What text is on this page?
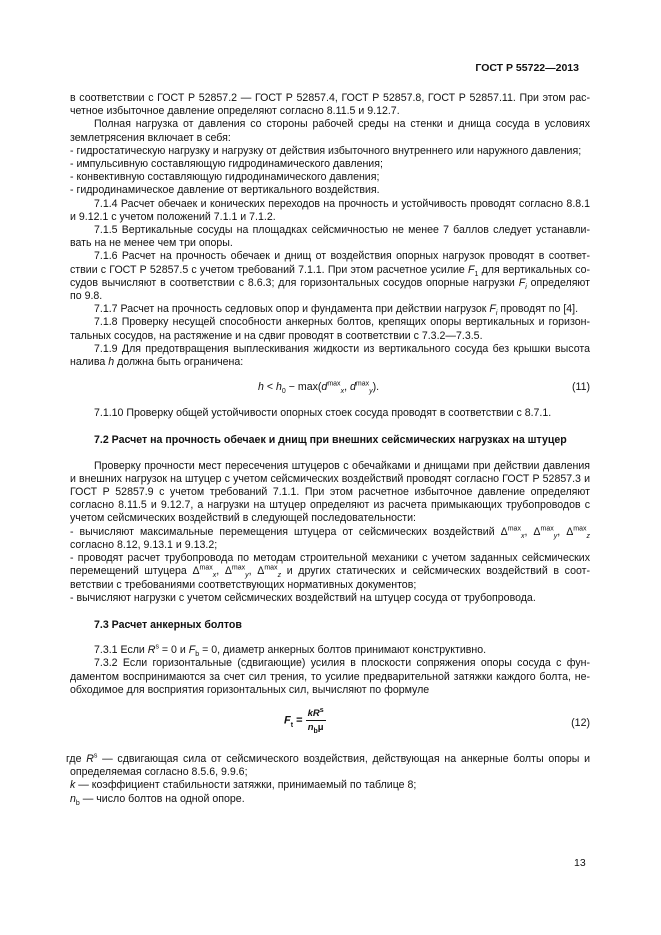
ГОСТ Р 55722—2013

в соответствии с ГОСТ Р 52857.2 — ГОСТ Р 52857.4, ГОСТ Р 52857.8, ГОСТ Р 52857.11. При этом расчетное избыточное давление определяют согласно 8.11.5 и 9.12.7.

Полная нагрузка от давления со стороны рабочей среды на стенки и днища сосуда в условиях землетрясения включает в себя:

- гидростатическую нагрузку и нагрузку от действия избыточного внутреннего или наружного давления;

- импульсивную составляющую гидродинамического давления;

- конвективную составляющую гидродинамического давления;

- гидродинамическое давление от вертикального воздействия.

7.1.4 Расчет обечаек и конических переходов на прочность и устойчивость проводят согласно 8.8.1 и 9.12.1 с учетом положений 7.1.1 и 7.1.2.

7.1.5 Вертикальные сосуды на площадках сейсмичностью не менее 7 баллов следует устанавливать на не менее чем три опоры.

7.1.6 Расчет на прочность обечаек и днищ от воздействия опорных нагрузок проводят в соответствии с ГОСТ Р 52857.5 с учетом требований 7.1.1. При этом расчетное усилие $F_1$ для вертикальных сосудов вычисляют в соответствии с 8.6.3; для горизонтальных сосудов опорные нагрузки $F_i$ определяют по 9.8.

7.1.7 Расчет на прочность седловых опор и фундамента при действии нагрузок $F_i$ проводят по [4].

7.1.8 Проверку несущей способности анкерных болтов, крепящих опоры вертикальных и горизонтальных сосудов, на растяжение и на сдвиг проводят в соответствии с 7.3.2—7.3.5.

7.1.9 Для предотвращения выплескивания жидкости из вертикального сосуда без крышки высота налива h должна быть ограничена:

$h < h_0 - \max(d^{max}_x$, $d^{max}_y$).	(11)

7.1.10 Проверку общей устойчивости опорных стоек сосуда проводят в соответствии с 8.7.1.

7.2 Расчет на прочность обечаек и днищ при внешних сейсмических нагрузках на штуцер

Проверку прочности мест пересечения штуцеров с обечайками и днищами при действии давления и внешних нагрузок на штуцер с учетом сейсмических воздействий проводят согласно ГОСТ Р 52857.3 и ГОСТ Р 52857.9 с учетом требований 7.1.1. При этом расчетное избыточное давление определяют согласно 8.11.5 и 9.12.7, а нагрузки на штуцер определяют из расчета примыкающих трубопроводов с учетом сейсмических воздействий в следующей последовательности:

- вычисляют максимальные перемещения штуцера от сейсмических воздействий $\Delta^{max}_x$, $\Delta^{max}_y$, $\Delta^{max}_z$ согласно 8.12, 9.13.1 и 9.13.2;

- проводят расчет трубопровода по методам строительной механики с учетом заданных сейсмических перемещений штуцера $\Delta^{max}_x$, $\Delta^{max}_y$, $\Delta^{max}_z$ и других статических и сейсмических воздействий в соответствии с требованиями соответствующих нормативных документов;

- вычисляют нагрузки с учетом сейсмических воздействий на штуцер сосуда от трубопровода.

7.3 Расчет анкерных болтов

7.3.1 Если $R^s = 0$ и $F_b = 0$, диаметр анкерных болтов принимают конструктивно.

7.3.2 Если горизонтальные (сдвигающие) усилия в плоскости сопряжения опоры сосуда с фундаментом воспринимаются за счет сил трения, то усилие предварительной затяжки каждого болта, необходимое для восприятия горизонтальных сил, вычисляют по формуле

$F_t = \frac{kR^s}{n_b\mu}$	(12)

где $R^s$ — сдвигающая сила от сейсмического воздействия, действующая на анкерные болты опоры и определяемая согласно 8.5.6, 9.9.6;

k — коэффициент стабильности затяжки, принимаемый по таблице 8;

$n_b$ — число болтов на одной опоре.

13
